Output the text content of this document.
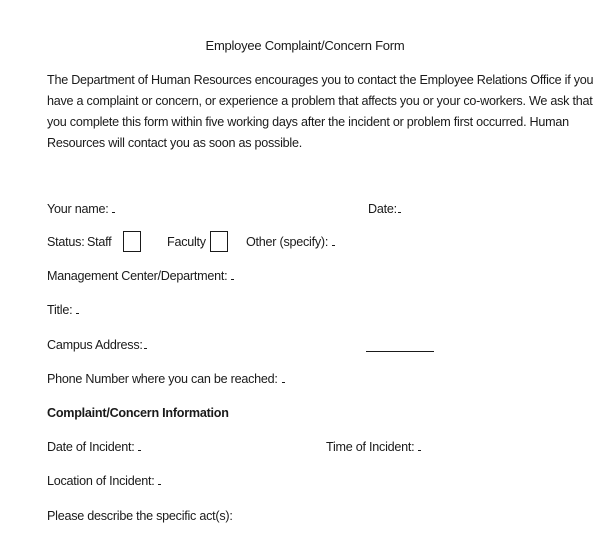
Employee Complaint/Concern Form
The Department of Human Resources encourages you to contact the Employee Relations Office if you
have a complaint or concern, or experience a problem that affects you or your co-workers. We ask that
you complete this form within five working days after the incident or problem first occurred. Human
Resources will contact you as soon as possible.
Your name:	Date:
Status: Staff	Faculty	Other (specify):
Management Center/Department:
Title:
Campus Address:
Phone Number where you can be reached:
Complaint/Concern Information
Date of Incident:	Time of Incident:
Location of Incident:
Please describe the specific act(s):
